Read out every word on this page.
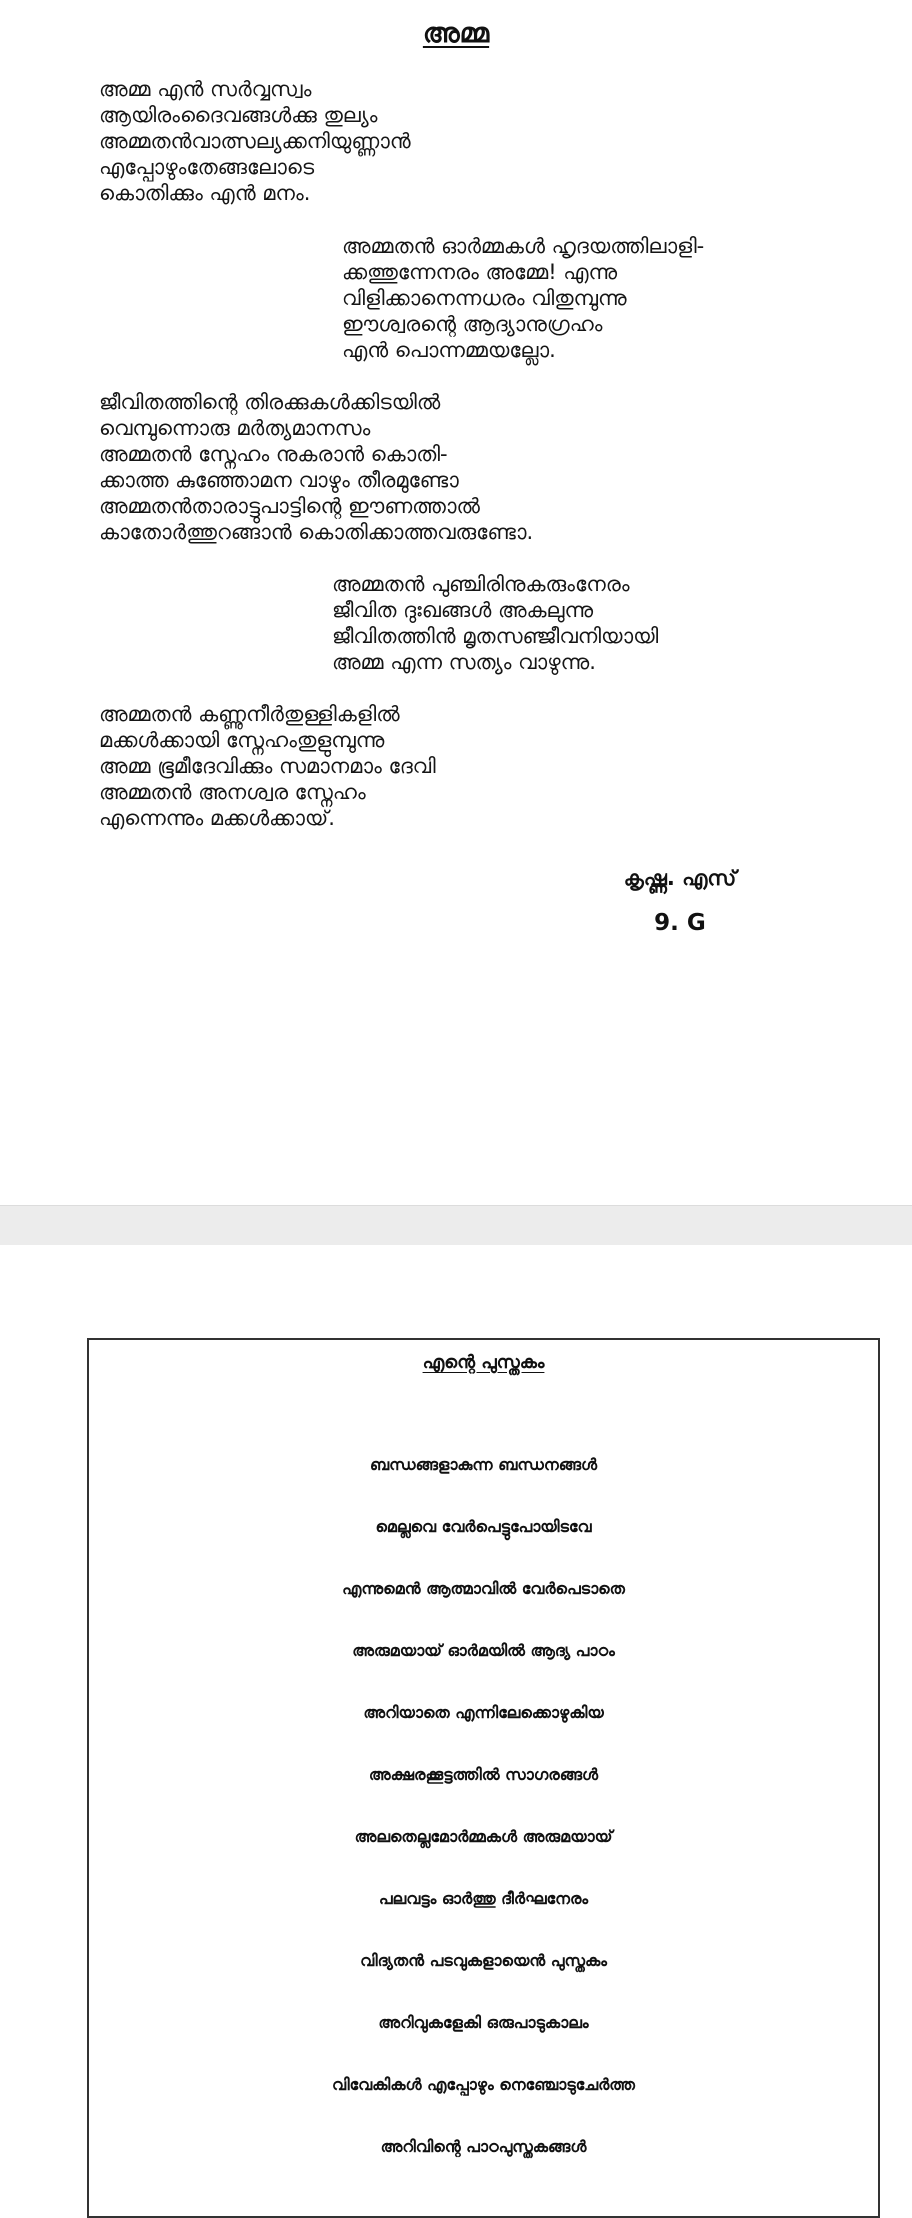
അമ്മ

അമ്മ എൻ സർവ്വസ്വം
ആയിരംദൈവങ്ങൾക്കു തുല്യം
അമ്മതൻവാത്സല്യക്കനിയുണ്ണാൻ
എപ്പോഴുംതേങ്ങലോടെ
കൊതിക്കും എൻ മനം.

അമ്മതൻ ഓർമ്മകൾ ഹൃദയത്തിലാളി-
ക്കത്തുന്നേനരം അമ്മേ! എന്നു
വിളിക്കാനെന്നധരം വിതുമ്പുന്നു
ഈശ്വരന്റെ ആദ്യാനുഗ്രഹം
എൻ പൊന്നമ്മയല്ലോ.

ജീവിതത്തിന്റെ തിരക്കുകൾക്കിടയിൽ
വെമ്പുന്നൊരു മർത്യമാനസം
അമ്മതൻ സ്നേഹം നുകരാൻ കൊതി-
ക്കാത്ത കുഞ്ഞോമന വാഴും തീരമുണ്ടോ
അമ്മതൻതാരാട്ടുപാട്ടിന്റെ ഈണത്താൽ
കാതോർത്തുറങ്ങാൻ കൊതിക്കാത്തവരുണ്ടോ.

അമ്മതൻ പുഞ്ചിരിനുകരുംനേരം
ജീവിത ദുഃഖങ്ങൾ അകലുന്നു
ജീവിതത്തിൻ മൃതസഞ്ജീവനിയായി
അമ്മ എന്ന സത്യം വാഴുന്നു.

അമ്മതൻ കണ്ണുനീർതുള്ളികളിൽ
മക്കൾക്കായി സ്നേഹംതുളുമ്പുന്നു
അമ്മ ഭൂമീദേവിക്കും സമാനമാം ദേവി
അമ്മതൻ അനശ്വര സ്നേഹം
എന്നെന്നും മക്കൾക്കായ്.

കൃഷ്ണ. എസ്
9. G
എന്റെ പുസ്തകം
ബന്ധങ്ങളാകുന്ന ബന്ധനങ്ങൾ
മെല്ലവെ വേർപെട്ടുപോയിടവേ
എന്നുമെൻ ആത്മാവിൽ വേർപെടാതെ
അരുമയായ് ഓർമയിൽ ആദ്യ പാഠം
അറിയാതെ എന്നിലേക്കൊഴുകിയ
അക്ഷരക്കൂട്ടത്തിൽ സാഗരങ്ങൾ
അലതെല്ലമോർമ്മകൾ അരുമയായ്
പലവട്ടം ഓർത്തു ദീർഘനേരം
വിദ്യതൻ പടവുകളായെൻ പുസ്തകം
അറിവുകളേകി ഒരുപാടുകാലം
വിവേകികൾ എപ്പോഴും നെഞ്ചോടുചേർത്ത
അറിവിന്റെ പാഠപുസ്തകങ്ങൾ
